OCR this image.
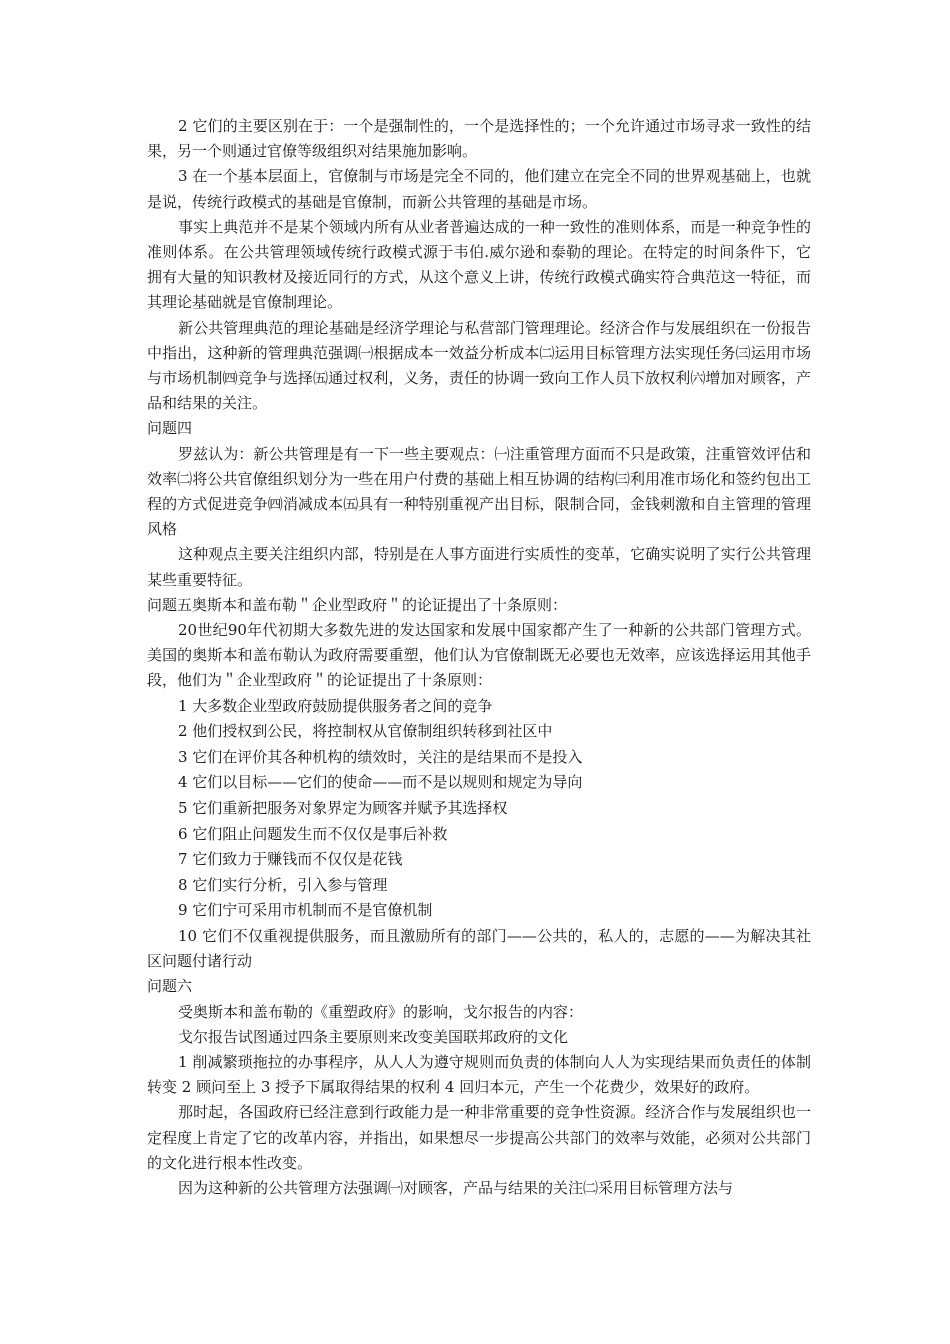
2 它们的主要区别在于：一个是强制性的，一个是选择性的；一个允许通过市场寻求一致性的结果，另一个则通过官僚等级组织对结果施加影响。

3 在一个基本层面上，官僚制与市场是完全不同的，他们建立在完全不同的世界观基础上，也就是说，传统行政模式的基础是官僚制，而新公共管理的基础是市场。

事实上典范并不是某个领域内所有从业者普遍达成的一种一致性的准则体系，而是一种竞争性的准则体系。在公共管理领域传统行政模式源于韦伯.威尔逊和泰勒的理论。在特定的时间条件下，它拥有大量的知识教材及接近同行的方式，从这个意义上讲，传统行政模式确实符合典范这一特征，而其理论基础就是官僚制理论。

新公共管理典范的理论基础是经济学理论与私营部门管理理论。经济合作与发展组织在一份报告中指出，这种新的管理典范强调㈠根据成本一效益分析成本㈡运用目标管理方法实现任务㈢运用市场与市场机制㈣竞争与选择㈤通过权利，义务，责任的协调一致向工作人员下放权利㈥增加对顾客，产品和结果的关注。

问题四

罗兹认为：新公共管理是有一下一些主要观点：㈠注重管理方面而不只是政策，注重管效评估和效率㈡将公共官僚组织划分为一些在用户付费的基础上相互协调的结构㈢利用准市场化和签约包出工程的方式促进竞争㈣消减成本㈤具有一种特别重视产出目标，限制合同，金钱刺激和自主管理的管理风格

这种观点主要关注组织内部，特别是在人事方面进行实质性的变革，它确实说明了实行公共管理某些重要特征。

问题五奥斯本和盖布勒＂企业型政府＂的论证提出了十条原则：

20世纪90年代初期大多数先进的发达国家和发展中国家都产生了一种新的公共部门管理方式。美国的奥斯本和盖布勒认为政府需要重塑，他们认为官僚制既无必要也无效率，应该选择运用其他手段，他们为＂企业型政府＂的论证提出了十条原则：

1 大多数企业型政府鼓励提供服务者之间的竞争

2 他们授权到公民，将控制权从官僚制组织转移到社区中

3 它们在评价其各种机构的绩效时，关注的是结果而不是投入

4 它们以目标——它们的使命——而不是以规则和规定为导向

5 它们重新把服务对象界定为顾客并赋予其选择权

6 它们阻止问题发生而不仅仅是事后补救

7 它们致力于赚钱而不仅仅是花钱

8 它们实行分析，引入参与管理

9 它们宁可采用市机制而不是官僚机制

10 它们不仅重视提供服务，而且激励所有的部门——公共的，私人的，志愿的——为解决其社区问题付诸行动

问题六

受奥斯本和盖布勒的《重塑政府》的影响，戈尔报告的内容：

戈尔报告试图通过四条主要原则来改变美国联邦政府的文化

1 削减繁琐拖拉的办事程序，从人人为遵守规则而负责的体制向人人为实现结果而负责任的体制转变 2 顾问至上 3 授予下属取得结果的权利 4 回归本元，产生一个花费少，效果好的政府。

那时起，各国政府已经注意到行政能力是一种非常重要的竞争性资源。经济合作与发展组织也一定程度上肯定了它的改革内容，并指出，如果想尽一步提高公共部门的效率与效能，必须对公共部门的文化进行根本性改变。

因为这种新的公共管理方法强调㈠对顾客，产品与结果的关注㈡采用目标管理方法与
